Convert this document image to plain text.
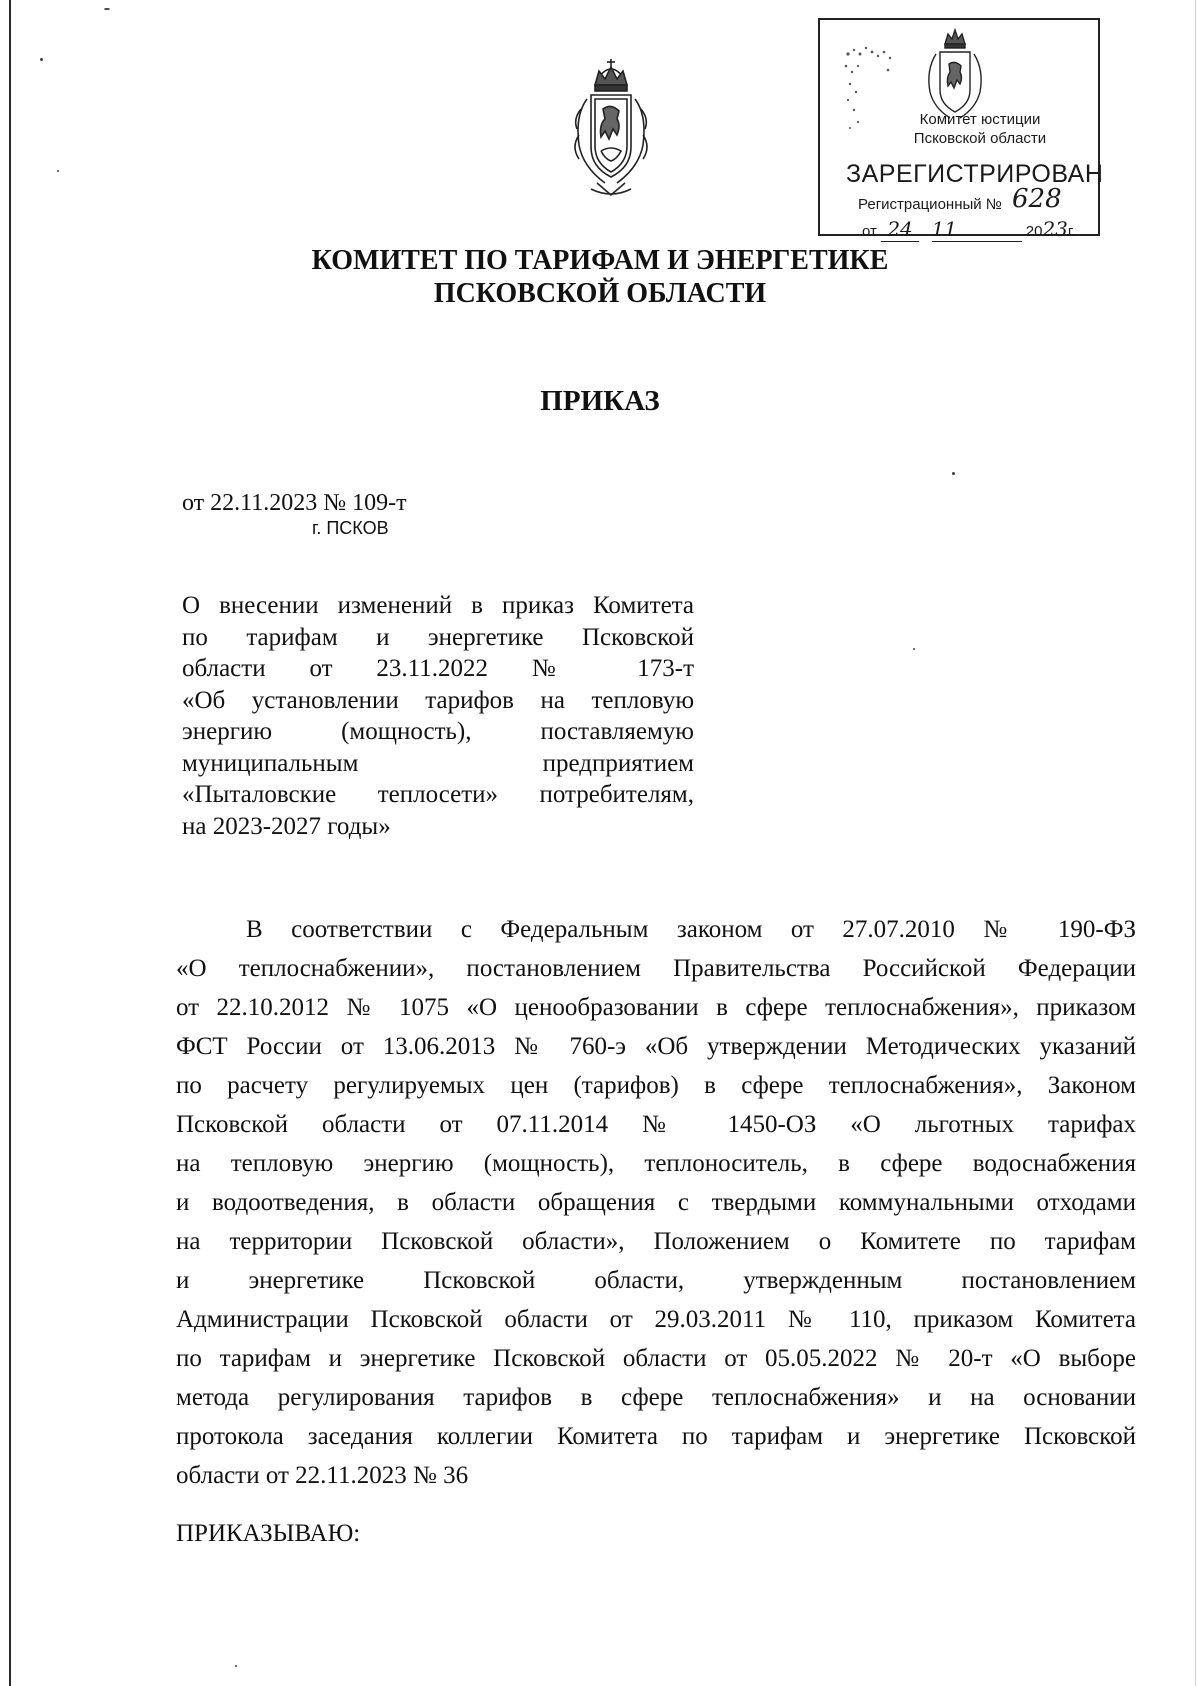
Комитет юстиции
Псковской области
ЗАРЕГИСТРИРОВАН
Регистрационный № 628
от 24 . 11	2023г.
КОМИТЕТ ПО ТАРИФАМ И ЭНЕРГЕТИКЕ
ПСКОВСКОЙ ОБЛАСТИ
ПРИКАЗ
от 22.11.2023 № 109-т
г. ПСКОВ
О внесении изменений в приказ Комитета
по тарифам и энергетике Псковской
области от 23.11.2022 № 173-т
«Об установлении тарифов на тепловую
энергию (мощность), поставляемую
муниципальным предприятием
«Пыталовские теплосети» потребителям,
на 2023-2027 годы»
В соответствии с Федеральным законом от 27.07.2010 № 190-ФЗ
«О теплоснабжении», постановлением Правительства Российской Федерации
от 22.10.2012 № 1075 «О ценообразовании в сфере теплоснабжения», приказом
ФСТ России от 13.06.2013 № 760-э «Об утверждении Методических указаний
по расчету регулируемых цен (тарифов) в сфере теплоснабжения», Законом
Псковской области от 07.11.2014 № 1450-ОЗ «О льготных тарифах
на тепловую энергию (мощность), теплоноситель, в сфере водоснабжения
и водоотведения, в области обращения с твердыми коммунальными отходами
на территории Псковской области», Положением о Комитете по тарифам
и энергетике Псковской области, утвержденным постановлением
Администрации Псковской области от 29.03.2011 № 110, приказом Комитета
по тарифам и энергетике Псковской области от 05.05.2022 № 20-т «О выборе
метода регулирования тарифов в сфере теплоснабжения» и на основании
протокола заседания коллегии Комитета по тарифам и энергетике Псковской
области от 22.11.2023 № 36
ПРИКАЗЫВАЮ:
